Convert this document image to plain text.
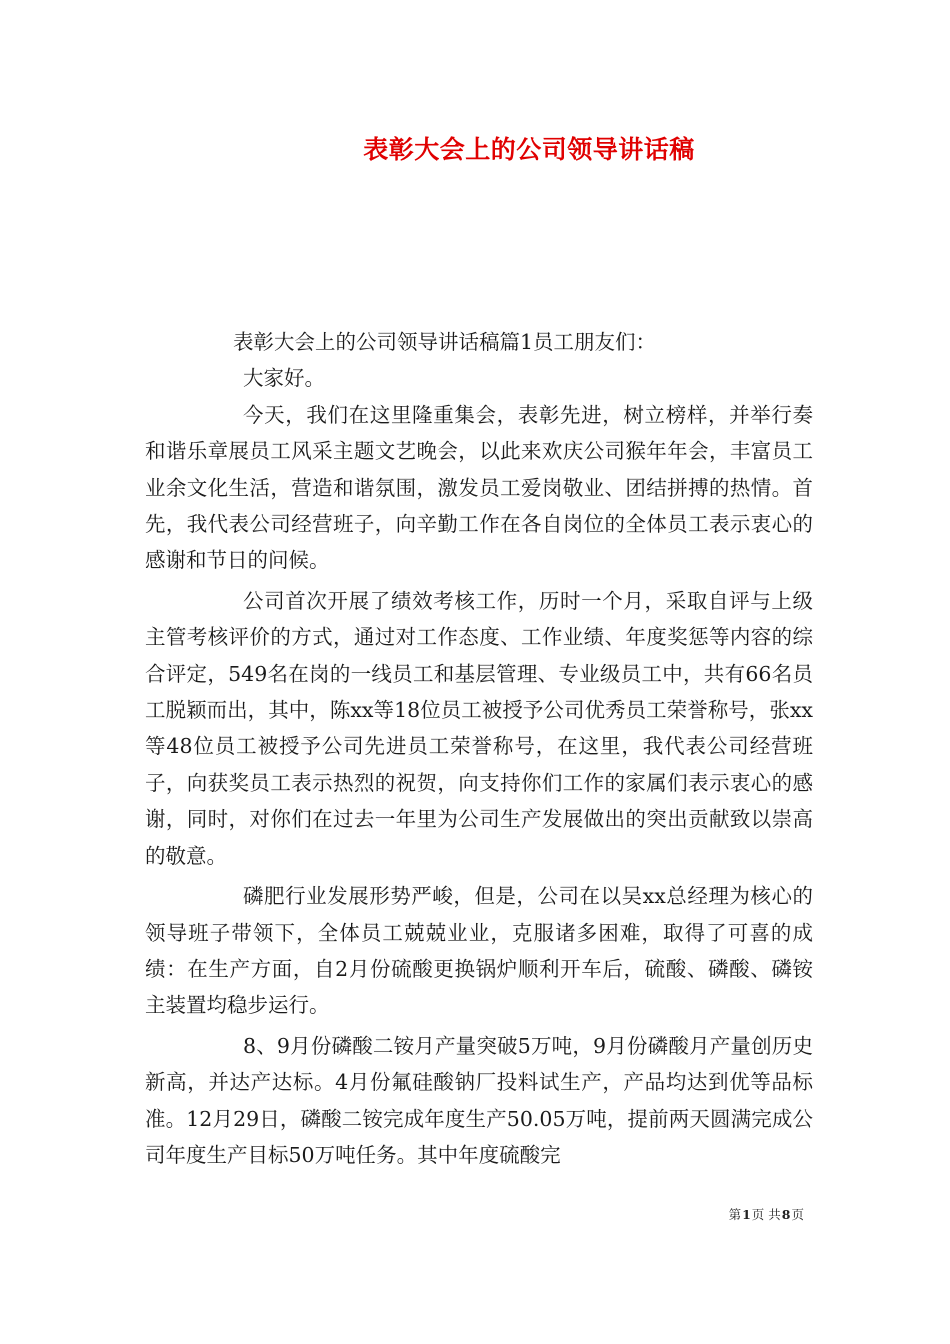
表彰大会上的公司领导讲话稿

表彰大会上的公司领导讲话稿篇1员工朋友们：

大家好。

今天，我们在这里隆重集会，表彰先进，树立榜样，并举行奏和谐乐章展员工风采主题文艺晚会，以此来欢庆公司猴年年会，丰富员工业余文化生活，营造和谐氛围，激发员工爱岗敬业、团结拼搏的热情。首先，我代表公司经营班子，向辛勤工作在各自岗位的全体员工表示衷心的感谢和节日的问候。

公司首次开展了绩效考核工作，历时一个月，采取自评与上级主管考核评价的方式，通过对工作态度、工作业绩、年度奖惩等内容的综合评定，549名在岗的一线员工和基层管理、专业级员工中，共有66名员工脱颖而出，其中，陈xx等18位员工被授予公司优秀员工荣誉称号，张xx等48位员工被授予公司先进员工荣誉称号，在这里，我代表公司经营班子，向获奖员工表示热烈的祝贺，向支持你们工作的家属们表示衷心的感谢，同时，对你们在过去一年里为公司生产发展做出的突出贡献致以崇高的敬意。

磷肥行业发展形势严峻，但是，公司在以吴xx总经理为核心的领导班子带领下，全体员工兢兢业业，克服诸多困难，取得了可喜的成绩：在生产方面，自2月份硫酸更换锅炉顺利开车后，硫酸、磷酸、磷铵主装置均稳步运行。

8、9月份磷酸二铵月产量突破5万吨，9月份磷酸月产量创历史新高，并达产达标。4月份氟硅酸钠厂投料试生产，产品均达到优等品标准。12月29日，磷酸二铵完成年度生产50.05万吨，提前两天圆满完成公司年度生产目标50万吨任务。其中年度硫酸完

第1页 共8页
